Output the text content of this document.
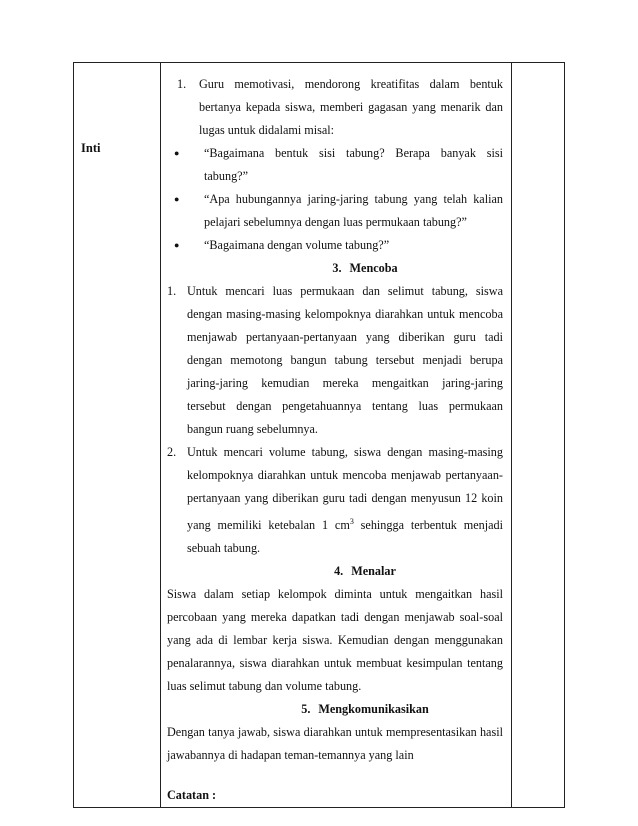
Inti

1.	Guru memotivasi, mendorong kreatifitas dalam bentuk bertanya kepada siswa, memberi gagasan yang menarik dan lugas untuk didalami misal:
●	“Bagaimana bentuk sisi tabung? Berapa banyak sisi tabung?”
●	“Apa hubungannya jaring-jaring tabung yang telah kalian pelajari sebelumnya dengan luas permukaan tabung?”
●	“Bagaimana dengan volume tabung?”
3. Mencoba
1. Untuk mencari luas permukaan dan selimut tabung, siswa dengan masing-masing kelompoknya diarahkan untuk mencoba menjawab pertanyaan-pertanyaan yang diberikan guru tadi dengan memotong bangun tabung tersebut menjadi berupa jaring-jaring kemudian mereka mengaitkan jaring-jaring tersebut dengan pengetahuannya tentang luas permukaan bangun ruang sebelumnya.
2. Untuk mencari volume tabung, siswa dengan masing-masing kelompoknya diarahkan untuk mencoba menjawab pertanyaan-pertanyaan yang diberikan guru tadi dengan menyusun 12 koin yang memiliki ketebalan 1 $cm^3$ sehingga terbentuk menjadi sebuah tabung.
4. Menalar
Siswa dalam setiap kelompok diminta untuk mengaitkan hasil percobaan yang mereka dapatkan tadi dengan menjawab soal-soal yang ada di lembar kerja siswa. Kemudian dengan menggunakan penalarannya, siswa diarahkan untuk membuat kesimpulan tentang luas selimut tabung dan volume tabung.
5. Mengkomunikasikan
Dengan tanya jawab, siswa diarahkan untuk mempresentasikan hasil jawabannya di hadapan teman-temannya yang lain
Catatan :
